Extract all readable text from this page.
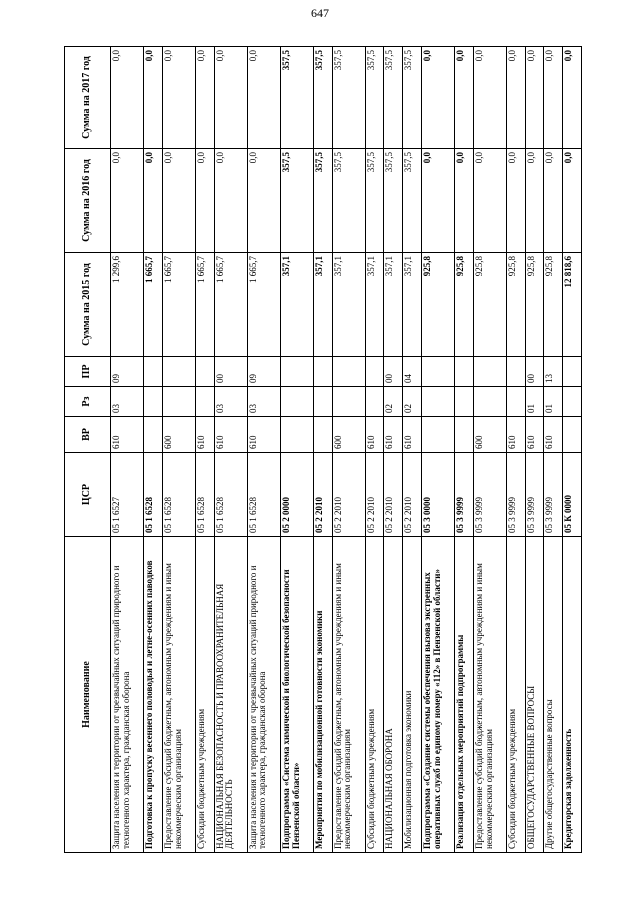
647
Наименование	ЦСР	ВР	Рз	ПР	Сумма на 2015 год	Сумма на 2016 год	Сумма на 2017 год
Защита населения и территории от чрезвычайных ситуаций природного и техногенного характера, гражданская оборона	05 1 6527	610	03	09	1 299,6	0,0	0,0
Подготовка к пропуску весеннего половодья и летне-осенних паводков	05 1 6528				1 665,7	0,0	0,0
Предоставление субсидий бюджетным, автономным учреждениям и иным некоммерческим организациям	05 1 6528	600			1 665,7	0,0	0,0
Субсидии бюджетным учреждениям	05 1 6528	610			1 665,7	0,0	0,0
НАЦИОНАЛЬНАЯ БЕЗОПАСНОСТЬ И ПРАВООХРАНИТЕЛЬНАЯ ДЕЯТЕЛЬНОСТЬ	05 1 6528	610	03	00	1 665,7	0,0	0,0
Защита населения и территории от чрезвычайных ситуаций природного и техногенного характера, гражданская оборона	05 1 6528	610	03	09	1 665,7	0,0	0,0
Подпрограмма «Система химической и биологической безопасности Пензенской области»	05 2 0000				357,1	357,5	357,5
Мероприятия по мобилизационной готовности экономики	05 2 2010				357,1	357,5	357,5
Предоставление субсидий бюджетным, автономным учреждениям и иным некоммерческим организациям	05 2 2010	600			357,1	357,5	357,5
Субсидии бюджетным учреждениям	05 2 2010	610			357,1	357,5	357,5
НАЦИОНАЛЬНАЯ ОБОРОНА	05 2 2010	610	02	00	357,1	357,5	357,5
Мобилизационная подготовка экономики	05 2 2010	610	02	04	357,1	357,5	357,5
Подпрограмма «Создание системы обеспечения вызова экстренных оперативных служб по единому номеру «112» в Пензенской области»	05 3 0000				925,8	0,0	0,0
Реализация отдельных мероприятий подпрограммы	05 3 9999				925,8	0,0	0,0
Предоставление субсидий бюджетным, автономным учреждениям и иным некоммерческим организациям	05 3 9999	600			925,8	0,0	0,0
Субсидии бюджетным учреждениям	05 3 9999	610			925,8	0,0	0,0
ОБЩЕГОСУДАРСТВЕННЫЕ ВОПРОСЫ	05 3 9999	610	01	00	925,8	0,0	0,0
Другие общегосударственные вопросы	05 3 9999	610	01	13	925,8	0,0	0,0
Кредиторская задолженность	05 К 0000				12 818,6	0,0	0,0
